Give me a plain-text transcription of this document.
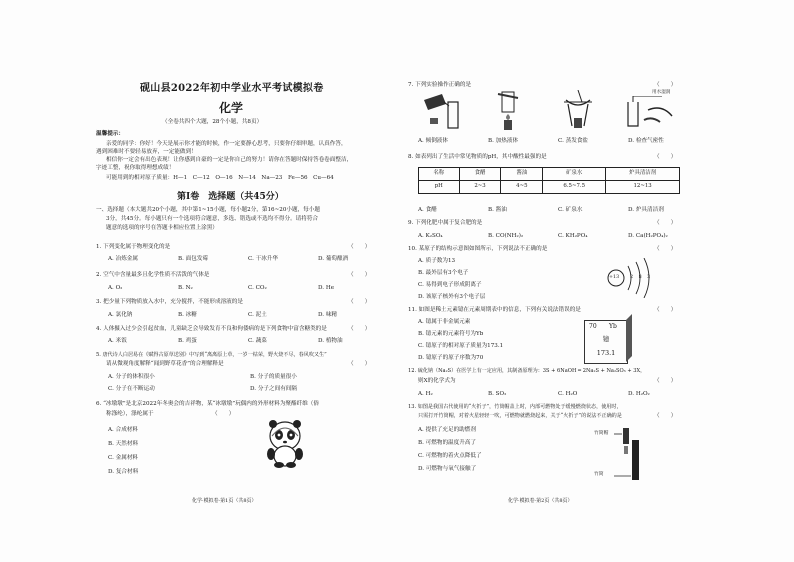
砚山县2022年初中学业水平考试模拟卷
化学
（全卷共四个大题，28个小题，共8页）
温馨提示：
亲爱的同学：你好！今天是展示你才能的时候，作一定要静心思考，只要你仔细审题，认真作答，
遇到困难时不要轻易放弃，一定能做到！
相信你一定会有出色表现！让你感到自豪的一定是你自己的努力！请你在答题时保持答卷卷面整洁，
字迹工整，祝你取得理想成绩！
可能用到的相对原子质量：H—1　C—12　O—16　N—14　Na—23　Fe—56　Cu—64
第Ⅰ卷　选择题（共45分）
一、选择题（本大题共20个小题，其中第1~15小题，每小题2分，第16~20小题，每小题
3分，共45分。每小题只有一个选项符合题意，多选、错选或不选均不得分。请将符合
题意的选项的序号在答题卡相应位置上涂黑）
1. 下列变化属于物理变化的是	（　　）
A. 冶炼金属	B. 面包发霉	C. 干冰升华	D. 葡萄酿酒
2. 空气中含量最多且化学性质不活泼的气体是	（　　）
A. O₂	B. N₂	C. CO₂	D. He
3. 把少量下列物质放入水中，充分搅拌，不能形成溶液的是	（　　）
A. 氯化钠	B. 冰糖	C. 泥土	D. 味精
4. 人体摄入过少会引起贫血，儿童缺乏会导致发育不良和佝偻病的是下列食物中富含糖类的是	（　　）
A. 米饭	B. 鸡蛋	C. 蔬菜	D. 植物油
5. 唐代诗人白居易在《赋得古原草送别》中写到“离离原上草，一岁一枯荣，野火烧不尽，春风吹又生”
请从微观角度解释“闻到野草花香”的合理解释是	（　　）
A. 分子的体积很小	B. 分子的质量很小
C. 分子在不断运动	D. 分子之间有间隔
6. “冰墩墩”是北京2022年冬奥会的吉祥物，某“冰墩墩”玩偶内的外形材料为聚酯纤维（俗
称涤纶），涤纶属于	（　　）
A. 合成材料
B. 天然材料
C. 金属材料
D. 复合材料
化学·模拟卷·第1页（共8页）
7. 下列实验操作正确的是	（　　）
用水湿润
A. 倾倒液体	B. 加热液体	C. 蒸发食盐	D. 检查气密性
8. 如表列出了生活中常见物质的pH，其中酸性最强的是	（　　）
名称	食醋	酱油	矿泉水	炉具清洁剂
pH	2~3	4~5	6.5~7.5	12~13
A. 食醋	B. 酱油	C. 矿泉水	D. 炉具清洁剂
9. 下列化肥中属于复合肥的是	（　　）
A. K₂SO₄	B. CO(NH₂)₂	C. KH₂PO₄	D. Ca(H₂PO₄)₂
10. 某原子的结构示意图如图所示，下列说法不正确的是	（　　）
A. 质子数为13
B. 最外层有3个电子
C. 易得到电子形成阴离子
D. 该原子核外有3个电子层
+13 2 8 3
11. 如图是稀土元素镱在元素周期表中的信息，下列有关说法错误的是	（　　）
A. 镱属于非金属元素
B. 镱元素的元素符号为Yb
C. 镱原子的相对原子质量为173.1
D. 镱原子的原子序数为70
70 Yb
镱
173.1
12. 硫化钠（Na₂S）在医学上有一定应用，其制备原理为：3S + 6NaOH ═ 2Na₂S + Na₂SO₃ + 3X，
则X的化学式为	（　　）
A. H₂	B. SO₂	C. H₂O	D. H₂O₂
13. 如图是我国古代使用的“火折子”，竹筒帽盖上时，内部可燃物处于缓慢燃烧状态，使用时，
只需打开竹筒帽，对着火星轻轻一吹，可燃物就燃烧起来，关于“火折子”的说法不正确的是	（　　）
A. 提供了充足的助燃剂
B. 可燃物的温度升高了
C. 可燃物的着火点降低了
D. 可燃物与氧气接触了
竹筒帽
竹筒
化学·模拟卷·第2页（共8页）
